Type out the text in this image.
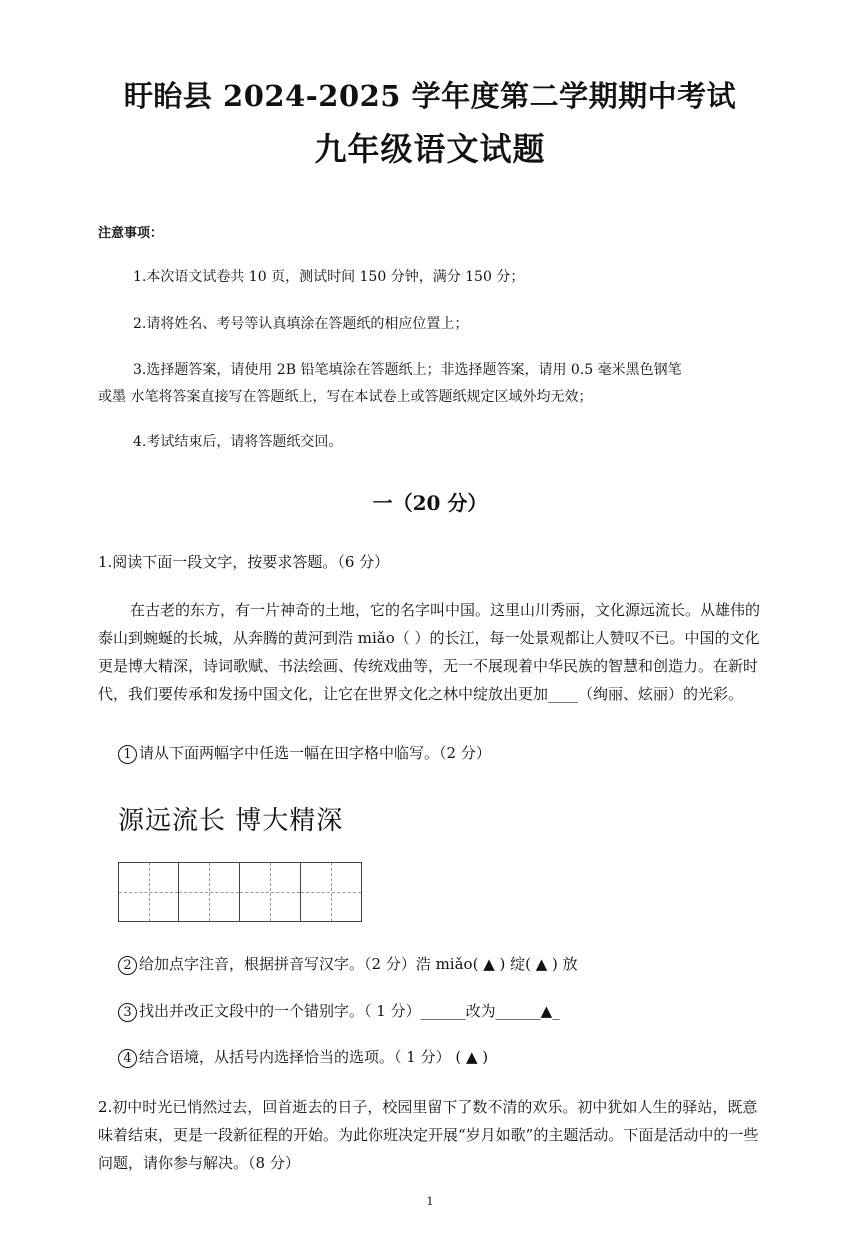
盱眙县 2024-2025 学年度第二学期期中考试
九年级语文试题
注意事项：
1.本次语文试卷共 10 页，测试时间 150 分钟，满分 150 分；
2.请将姓名、考号等认真填涂在答题纸的相应位置上；
3.选择题答案，请使用 2B 铅笔填涂在答题纸上；非选择题答案，请用 0.5 毫米黑色钢笔
或墨 水笔将答案直接写在答题纸上，写在本试卷上或答题纸规定区域外均无效；
4.考试结束后，请将答题纸交回。
一（20 分）
1.阅读下面一段文字，按要求答题。（6 分）
在古老的东方，有一片神奇的土地，它的名字叫中国。这里山川秀丽，文化源远流长。从雄伟的泰山到蜿蜒的长城，从奔腾的黄河到浩 miǎo（ ）的长江，每一处景观都让人赞叹不已。中国的文化更是博大精深，诗词歌赋、书法绘画、传统戏曲等，无一不展现着中华民族的智慧和创造力。在新时代，我们要传承和发扬中国文化，让它在世界文化之林中绽放出更加____（绚丽、炫丽）的光彩。
1 请从下面两幅字中任选一幅在田字格中临写。（2 分）
源远流长 博大精深
2 给加点字注音，根据拼音写汉字。（2 分）浩 miǎo( ▲ ) 绽( ▲ ) 放
3 找出并改正文段中的一个错别字。（ 1 分）______改为______▲_
4 结合语境，从括号内选择恰当的选项。（ 1 分） ( ▲ )
2.初中时光已悄然过去，回首逝去的日子，校园里留下了数不清的欢乐。初中犹如人生的驿站，既意味着结束，更是一段新征程的开始。为此你班决定开展“岁月如歌”的主题活动。下面是活动中的一些问题，请你参与解决。（8 分）
1
